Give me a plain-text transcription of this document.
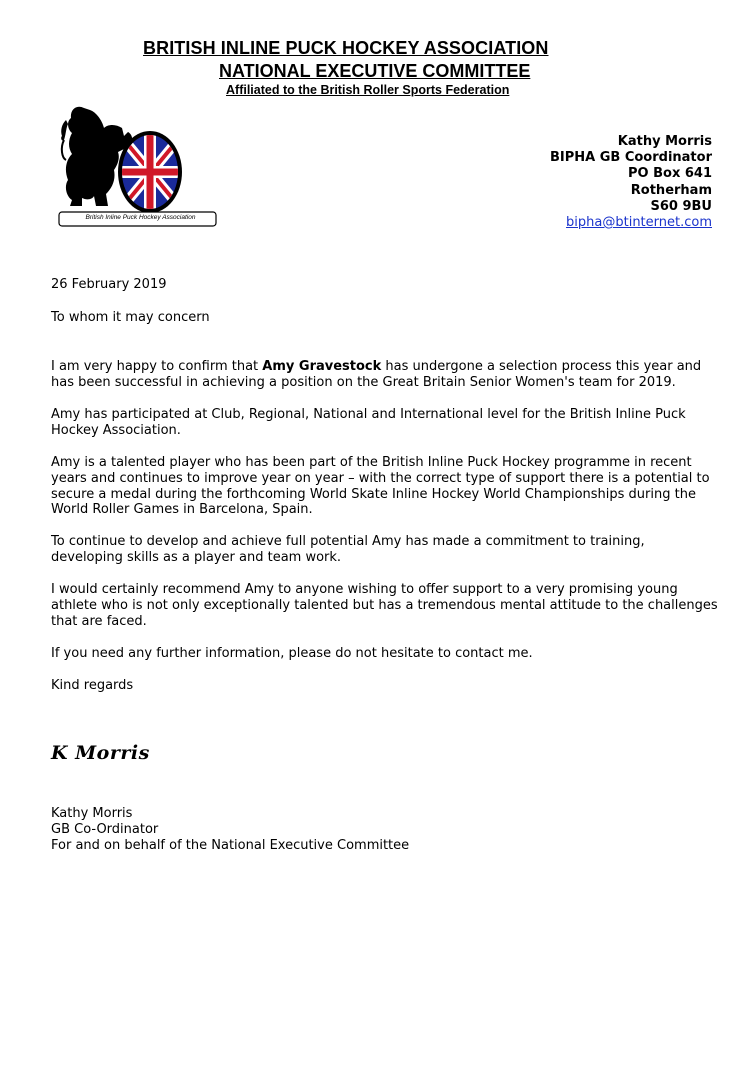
BRITISH INLINE PUCK HOCKEY ASSOCIATION
NATIONAL EXECUTIVE COMMITTEE
Affiliated to the British Roller Sports Federation
British Inline Puck Hockey Association
Kathy Morris
BIPHA GB Coordinator
PO Box 641
Rotherham
S60 9BU
bipha@btinternet.com
26 February 2019
To whom it may concern
I am very happy to confirm that Amy Gravestock has undergone a selection process this year and has been successful in achieving a position on the Great Britain Senior Women's team for 2019.
Amy has participated at Club, Regional, National and International level for the British Inline Puck Hockey Association.
Amy is a talented player who has been part of the British Inline Puck Hockey programme in recent years and continues to improve year on year – with the correct type of support there is a potential to secure a medal during the forthcoming World Skate Inline Hockey World Championships during the World Roller Games in Barcelona, Spain.
To continue to develop and achieve full potential Amy has made a commitment to training, developing skills as a player and team work.
I would certainly recommend Amy to anyone wishing to offer support to a very promising young athlete who is not only exceptionally talented but has a tremendous mental attitude to the challenges that are faced.
If you need any further information, please do not hesitate to contact me.
Kind regards
K Morris
Kathy Morris
GB Co-Ordinator
For and on behalf of the National Executive Committee
